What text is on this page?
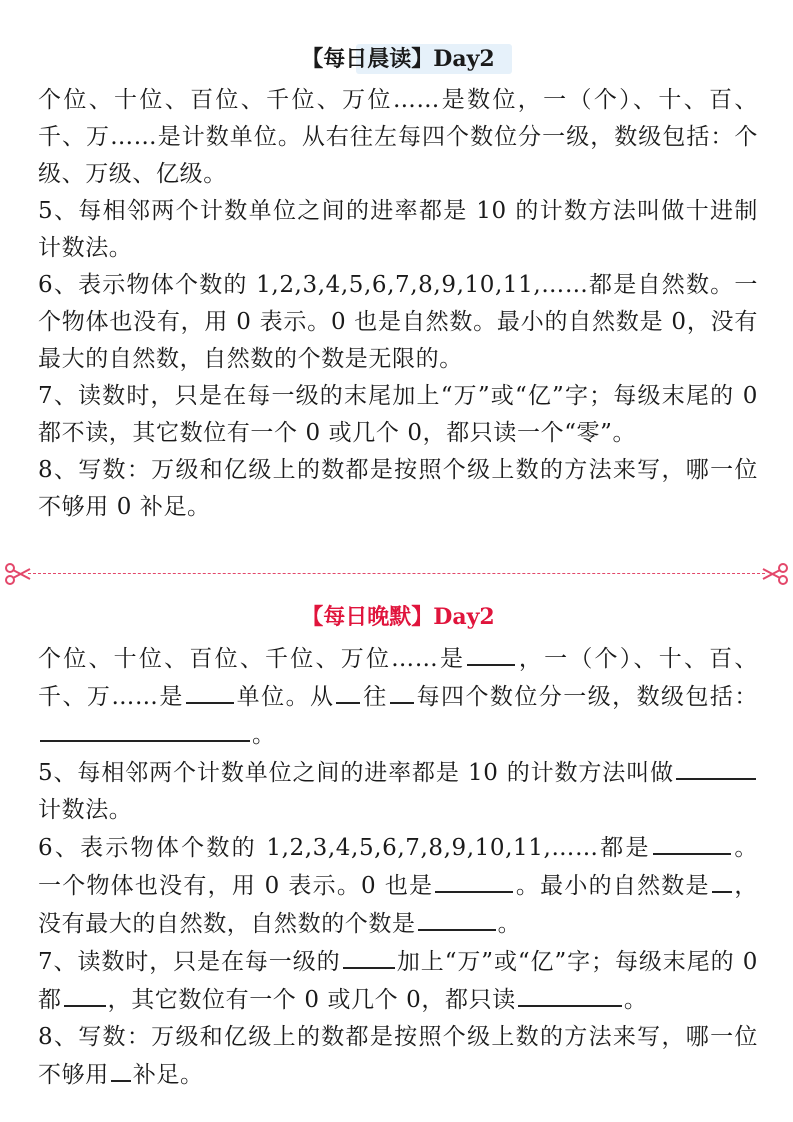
【每日晨读】Day2

个位、十位、百位、千位、万位……是数位，一（个）、十、百、千、万……是计数单位。从右往左每四个数位分一级，数级包括：个级、万级、亿级。

5、每相邻两个计数单位之间的进率都是 10 的计数方法叫做十进制计数法。

6、表示物体个数的 1,2,3,4,5,6,7,8,9,10,11,……都是自然数。一个物体也没有，用 0 表示。0 也是自然数。最小的自然数是 0，没有最大的自然数，自然数的个数是无限的。

7、读数时，只是在每一级的末尾加上“万”或“亿”字；每级末尾的 0 都不读，其它数位有一个 0 或几个 0，都只读一个“零”。

8、写数：万级和亿级上的数都是按照个级上数的方法来写，哪一位不够用 0 补足。

【每日晚默】Day2

个位、十位、百位、千位、万位……是 ，一（个）、十、百、千、万……是 单位。从 往 每四个数位分一级，数级包括：。

5、每相邻两个计数单位之间的进率都是 10 的计数方法叫做计数法。

6、表示物体个数的 1,2,3,4,5,6,7,8,9,10,11,……都是	。一个物体也没有，用 0 表示。0 也是	。最小的自然数是 ，没有最大的自然数，自然数的个数是	。

7、读数时，只是在每一级的 加上“万”或“亿”字；每级末尾的 0 都 ，其它数位有一个 0 或几个 0，都只读	。

8、写数：万级和亿级上的数都是按照个级上数的方法来写，哪一位不够用 补足。
